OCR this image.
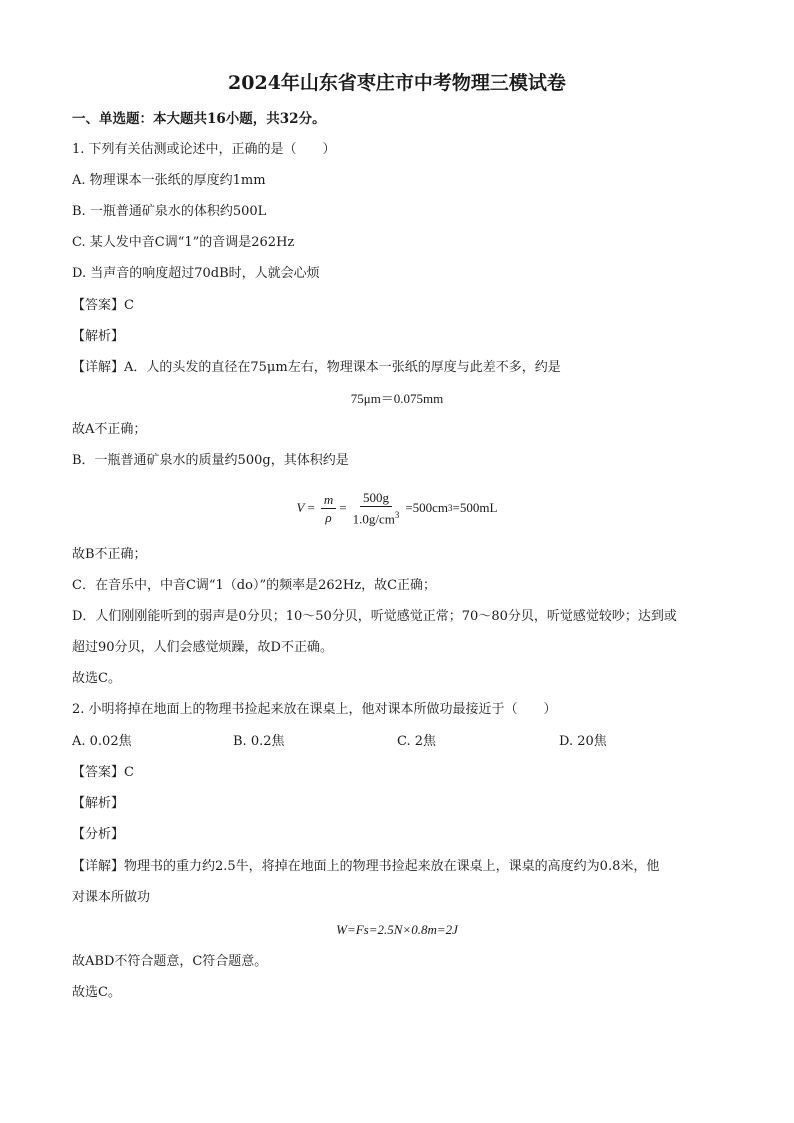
2024年山东省枣庄市中考物理三模试卷
一、单选题：本大题共16小题，共32分。
1. 下列有关估测或论述中，正确的是（　　）
A. 物理课本一张纸的厚度约1mm
B. 一瓶普通矿泉水的体积约500L
C. 某人发中音C调“1”的音调是262Hz
D. 当声音的响度超过70dB时，人就会心烦
【答案】C
【解析】
【详解】A．人的头发的直径在75μm左右，物理课本一张纸的厚度与此差不多，约是
75μm＝0.075mm
故A不正确；
B．一瓶普通矿泉水的质量约500g，其体积约是
$V = \frac{m}{\rho} = \frac{500g}{1.0g/cm^3} =500cm$ 3 =500mL
故B不正确；
C．在音乐中，中音C调“1（do）”的频率是262Hz，故C正确；
D．人们刚刚能听到的弱声是0分贝；10～50分贝，听觉感觉正常；70～80分贝，听觉感觉较吵；达到或
超过90分贝，人们会感觉烦躁，故D不正确。
故选C。
2. 小明将掉在地面上的物理书捡起来放在课桌上，他对课本所做功最接近于（　　）
A. 0.02焦	B. 0.2焦	C. 2焦	D. 20焦
【答案】C
【解析】
【分析】
【详解】物理书的重力约2.5牛，将掉在地面上的物理书捡起来放在课桌上，课桌的高度约为0.8米，他
对课本所做功
W=Fs=2.5N×0.8m=2J
故ABD不符合题意，C符合题意。
故选C。
